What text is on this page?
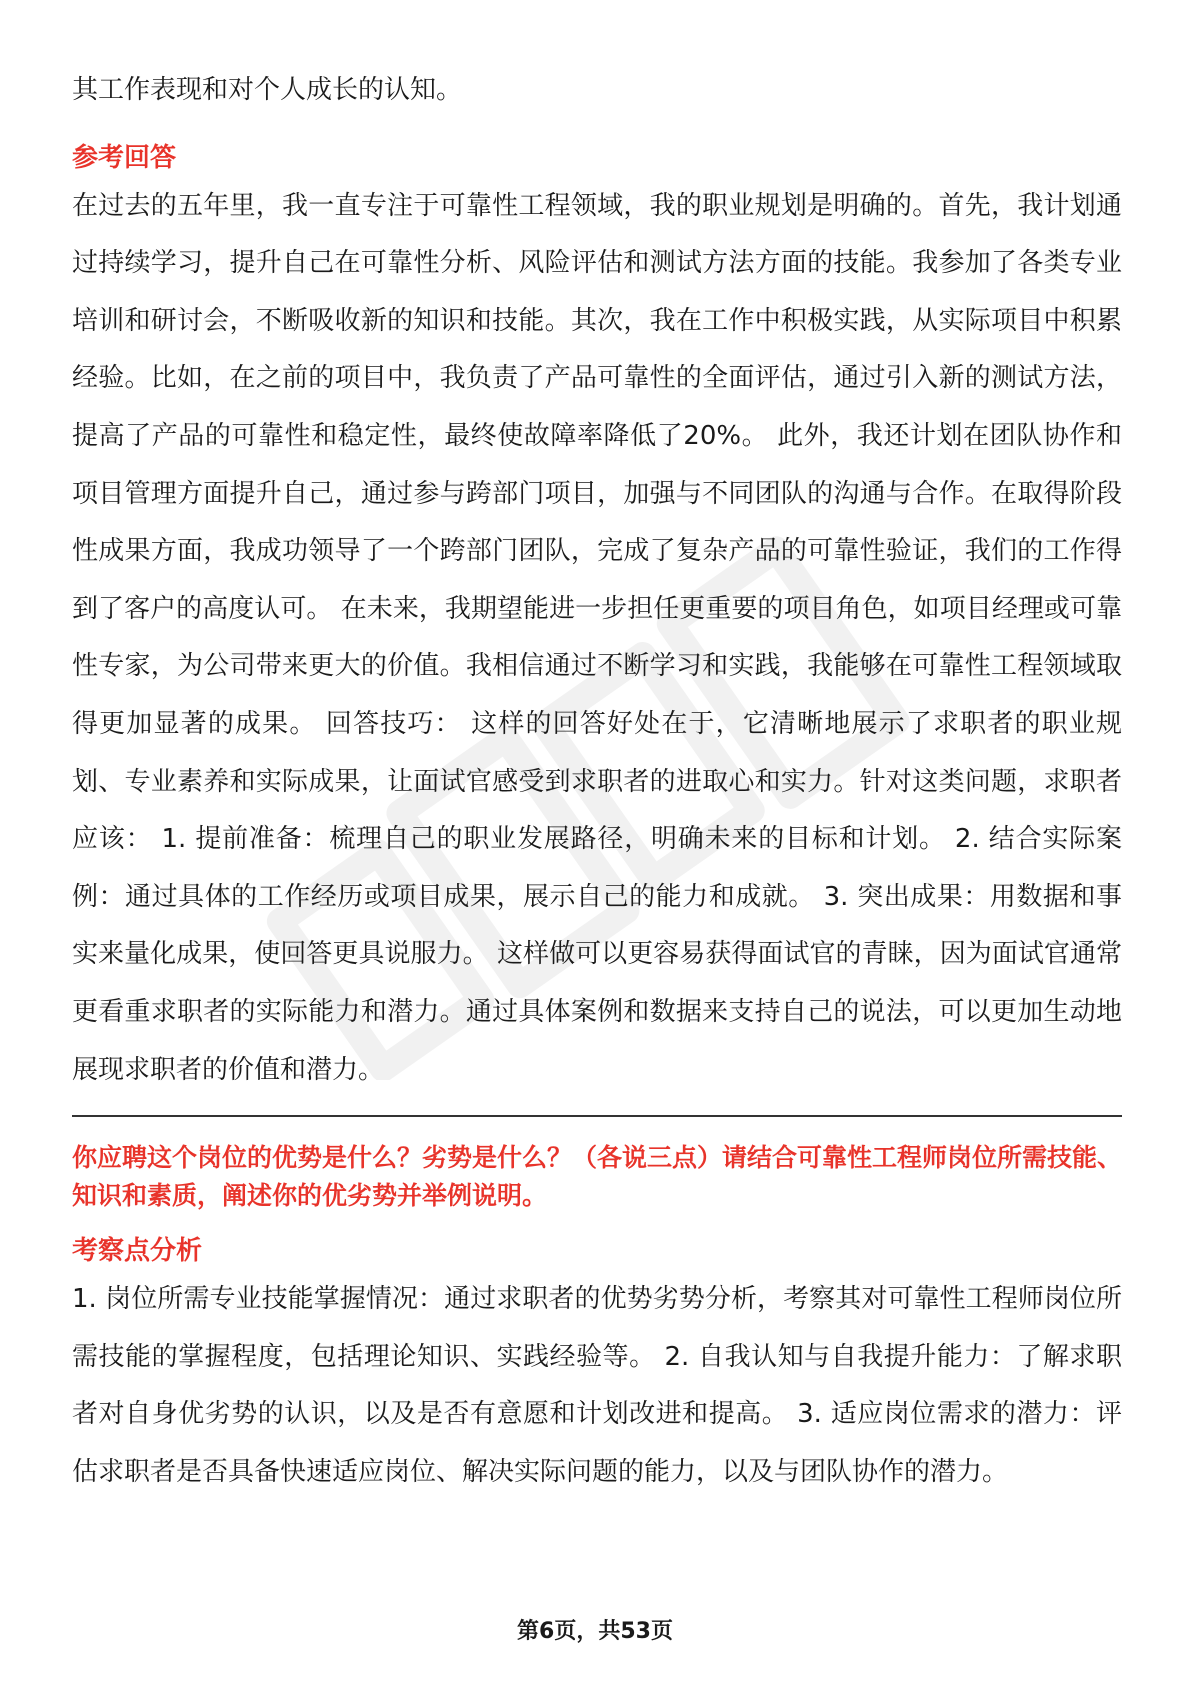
其工作表现和对个人成长的认知。

参考回答

在过去的五年里，我一直专注于可靠性工程领域，我的职业规划是明确的。首先，我计划通过持续学习，提升自己在可靠性分析、风险评估和测试方法方面的技能。我参加了各类专业培训和研讨会，不断吸收新的知识和技能。其次，我在工作中积极实践，从实际项目中积累经验。比如，在之前的项目中，我负责了产品可靠性的全面评估，通过引入新的测试方法，提高了产品的可靠性和稳定性，最终使故障率降低了20%。 此外，我还计划在团队协作和项目管理方面提升自己，通过参与跨部门项目，加强与不同团队的沟通与合作。在取得阶段性成果方面，我成功领导了一个跨部门团队，完成了复杂产品的可靠性验证，我们的工作得到了客户的高度认可。 在未来，我期望能进一步担任更重要的项目角色，如项目经理或可靠性专家，为公司带来更大的价值。我相信通过不断学习和实践，我能够在可靠性工程领域取得更加显著的成果。 回答技巧： 这样的回答好处在于，它清晰地展示了求职者的职业规划、专业素养和实际成果，让面试官感受到求职者的进取心和实力。针对这类问题，求职者应该： 1. 提前准备：梳理自己的职业发展路径，明确未来的目标和计划。 2. 结合实际案例：通过具体的工作经历或项目成果，展示自己的能力和成就。 3. 突出成果：用数据和事实来量化成果，使回答更具说服力。 这样做可以更容易获得面试官的青睐，因为面试官通常更看重求职者的实际能力和潜力。通过具体案例和数据来支持自己的说法，可以更加生动地展现求职者的价值和潜力。

你应聘这个岗位的优势是什么？劣势是什么？（各说三点）请结合可靠性工程师岗位所需技能、知识和素质，阐述你的优劣势并举例说明。
考察点分析

1. 岗位所需专业技能掌握情况：通过求职者的优势劣势分析，考察其对可靠性工程师岗位所需技能的掌握程度，包括理论知识、实践经验等。 2. 自我认知与自我提升能力：了解求职者对自身优劣势的认识，以及是否有意愿和计划改进和提高。 3. 适应岗位需求的潜力：评估求职者是否具备快速适应岗位、解决实际问题的能力，以及与团队协作的潜力。

第6页，共53页
